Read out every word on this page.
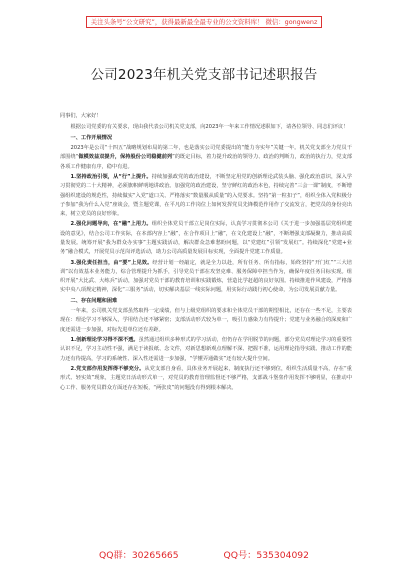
关注头条号“公文研究”，获得最新最全最专业的公文资料库！ 微信：gongwenz
公司2023年机关党支部书记述职报告

同事们，大家好！

根据公司党委的有关要求，现由我代表公司机关党支部，向2023年一年来工作情况述职如下，请各位领导、同志们评议！

一、工作开展情况

2023年是公司“十四五”战略规划布局的第二年，也是落实公司党委提出的“能力夯实年”关键一年。机关党支部全力党员干部围绕“做模效益双提升，保持股份公司稳健前列”的既定目标，着力提升政治的领导力、政治的判断力，政治的执行力，党支部各项工作健康有序，稳中有进。

1.坚持政治引领，从“行”上提升。持续加强政党的政治建设，不断坚定用党的创新理论武装头脑、强化政治意识，深入学习贯彻党的二十大精神，必须旗帜鲜明地讲政治。加强党的政治建设，坚守鲜红的政治本色，持续完善“三会一课”制度，不断增强组织建设的规范性，持续做实“入党”道口关、严格落实“数量服从质量”的入党要求。坚持“第一粒扣子”，组织全体入党积极分子参加“我为什么入党”座谈会，暨主题党课，在平凡的工作岗位上如何发挥党员先锋模范作用作了交流发言，把党员的身份亮出来，树立党员的良好形象。

2.强化问题导向，在“融”上用力。组织全体党员干部立足岗位实际，认真学习贯彻本公司《关于进一步加强基层党组织建设的意见》，结合公司工作实际，在本部内容上“融”，在合作项目上“融”，在文化建设上“融”，不断增强支部凝聚力，推动高质量发展。统筹开展“我为群众办实事”主题实践活动，解决群众急难愁盼问题，以“党建红”引领“发展红”。持续深化“党建+业务”融合模式，开展党员示范岗评选活动，助力公司高质量发展目标实现，全面提升党建工作质量。

3.强化责任担当，由“要”上见效。经营计划一经敲定，就是全力以赴，所有任务、所有指标，始终坚持“开门红”“三大培训”以有效基本业务能力，综合管理提升为抓手，引导党员干部在攻坚克难、服务保障中担当作为，确保年度任务目标实现。组织开展“大比武、大练兵”活动，加强对党员干部的教育培训和实践锻炼，营造比学赶超的良好氛围。持续推进作风建设，严格落实中央八项规定精神，深化“三服务”活动，切实解决基层一线实际问题，用实际行动践行初心使命，为公司发展贡献力量。

二、存在问题和困难

一年来，公司机关党支部虽然取得一定成绩，但与上级党组织的要求和全体党员干部的期望相比，还存在一些不足，主要表现在：理论学习不够深入，学用结合还不够紧密；支部活动形式较为单一，吸引力感染力有待提升；党建与业务融合的深度和广度还需进一步加强，对标先进单位还有差距。

1.创新理论学习得不深不透。虽然通过组织多种形式的学习活动，但仍存在学用脱节的问题，部分党员对理论学习的重要性认识不足，学习主动性不强，满足于读报纸、念文件，对新思想新观点理解不深、把握不准，运用理论指导实践、推动工作的能力还有待提高，学习的系统性、深入性还需进一步加强，“学懂弄通做实”还有较大提升空间。

2.党支部作用发挥得不够充分。从党支部自身看，具体业务开展起来，制度执行还不够到位，组织生活质量不高，存在“重形式、轻实效”现象，主题党日活动形式单一，对党员的教育管理监督还不够严格，支部战斗堡垒作用发挥不够明显，在推动中心工作、服务党员群众方面还存在短板，“两张皮”的问题没有得到根本解决。

QQ群：30265665	QQ号：535304092
